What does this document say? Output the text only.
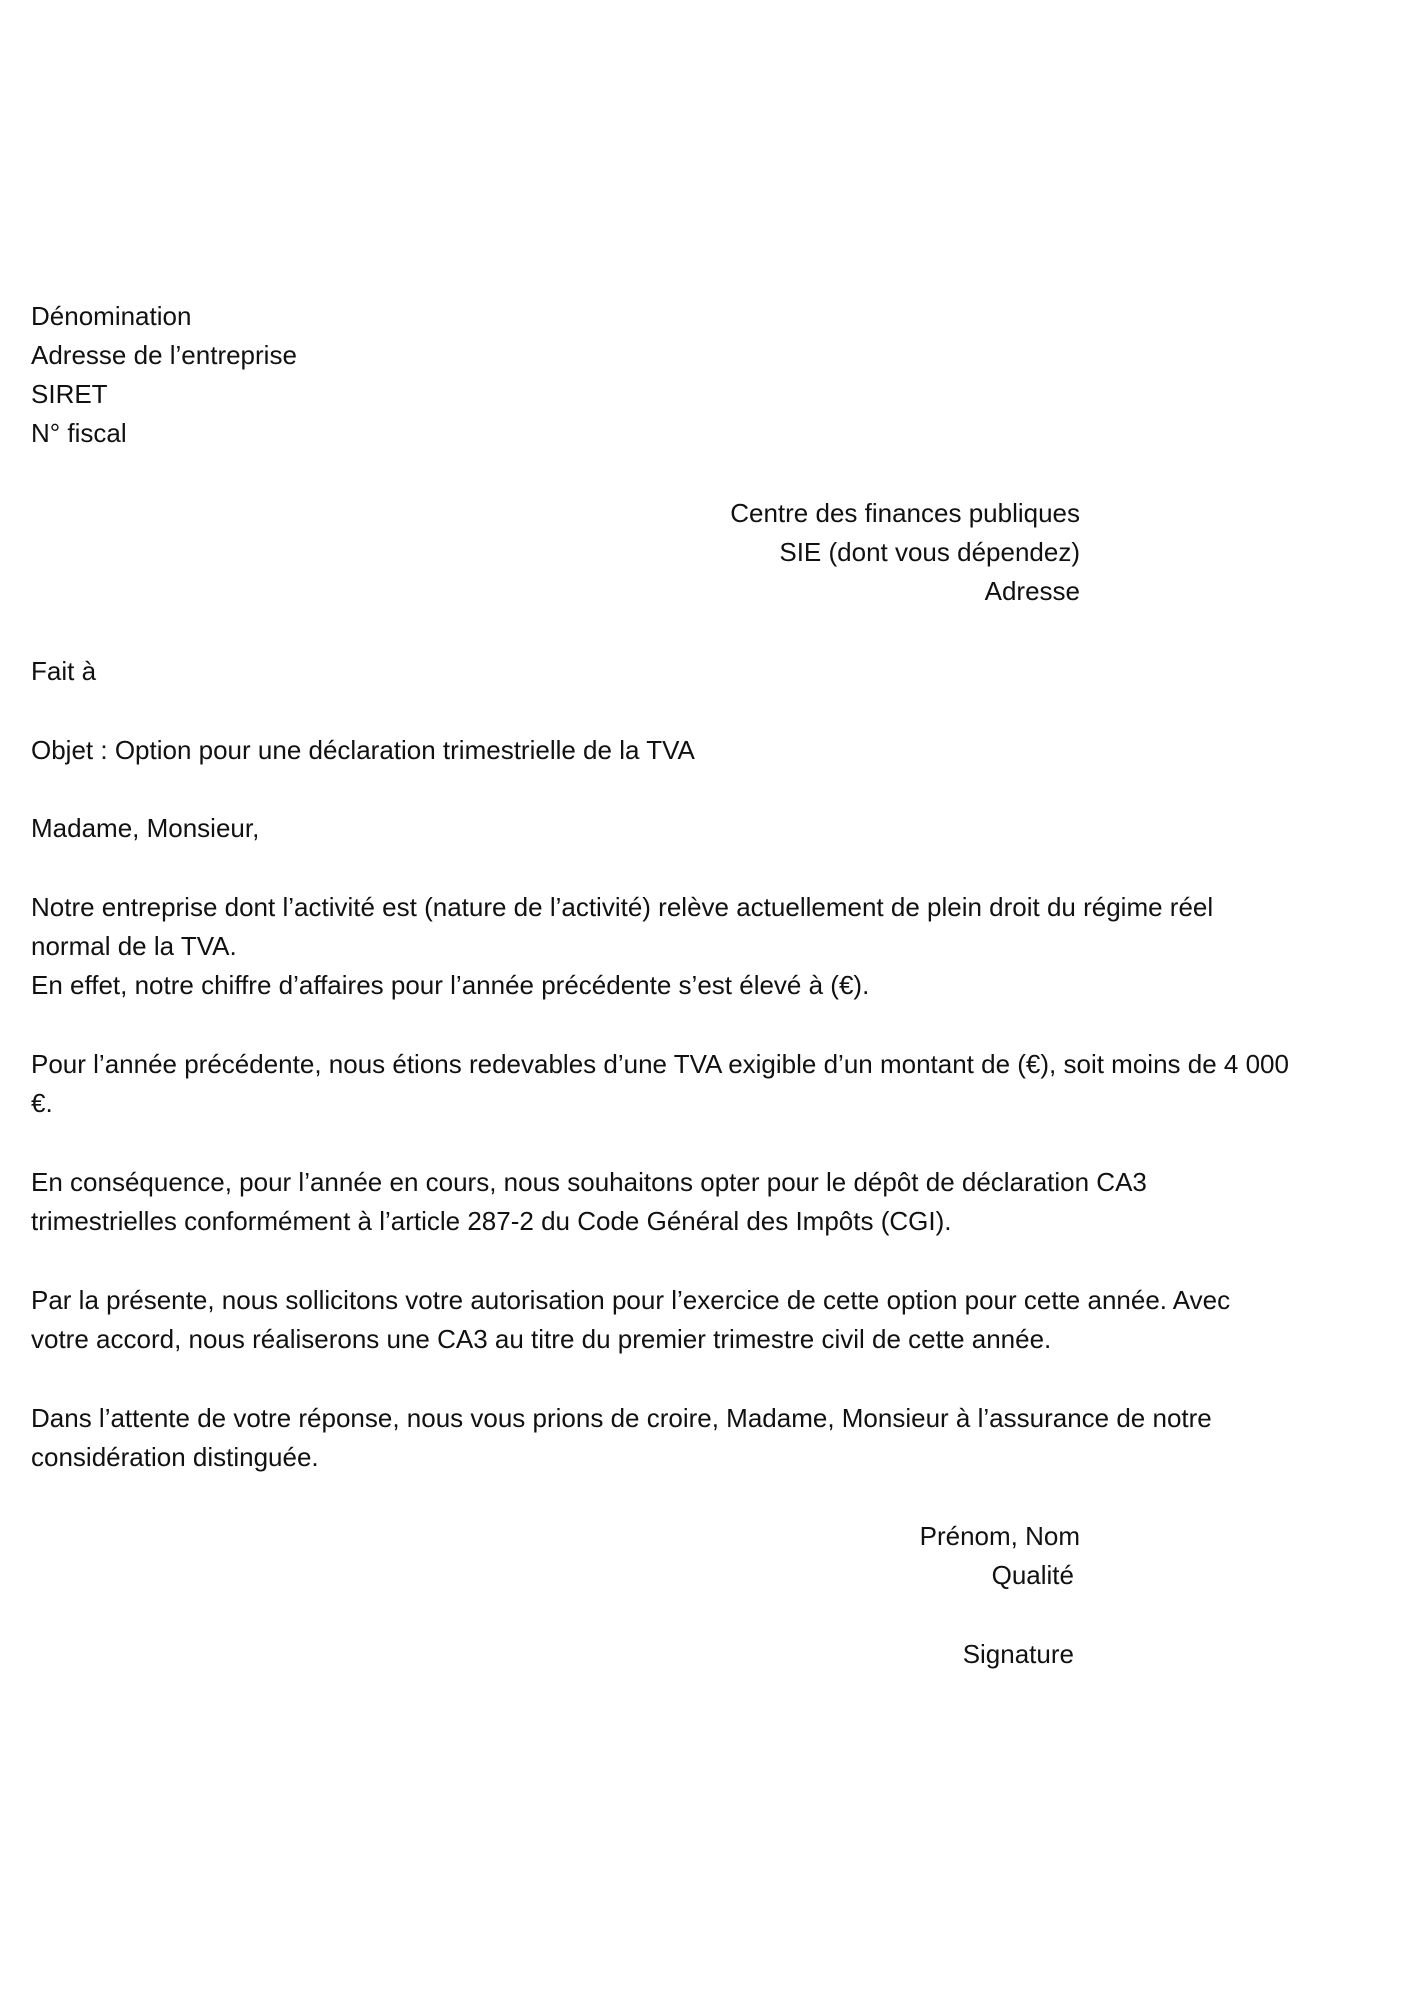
Dénomination
Adresse de l’entreprise
SIRET
N° fiscal
Centre des finances publiques
SIE (dont vous dépendez)
Adresse
Fait à
Objet : Option pour une déclaration trimestrielle de la TVA
Madame, Monsieur,
Notre entreprise dont l’activité est (nature de l’activité) relève actuellement de plein droit du régime réel
normal de la TVA.
En effet, notre chiffre d’affaires pour l’année précédente s’est élevé à (€).
Pour l’année précédente, nous étions redevables d’une TVA exigible d’un montant de (€), soit moins de 4 000
€.
En conséquence, pour l’année en cours, nous souhaitons opter pour le dépôt de déclaration CA3
trimestrielles conformément à l’article 287-2 du Code Général des Impôts (CGI).
Par la présente, nous sollicitons votre autorisation pour l’exercice de cette option pour cette année. Avec
votre accord, nous réaliserons une CA3 au titre du premier trimestre civil de cette année.
Dans l’attente de votre réponse, nous vous prions de croire, Madame, Monsieur à l’assurance de notre
considération distinguée.
Prénom, Nom
Qualité
Signature
